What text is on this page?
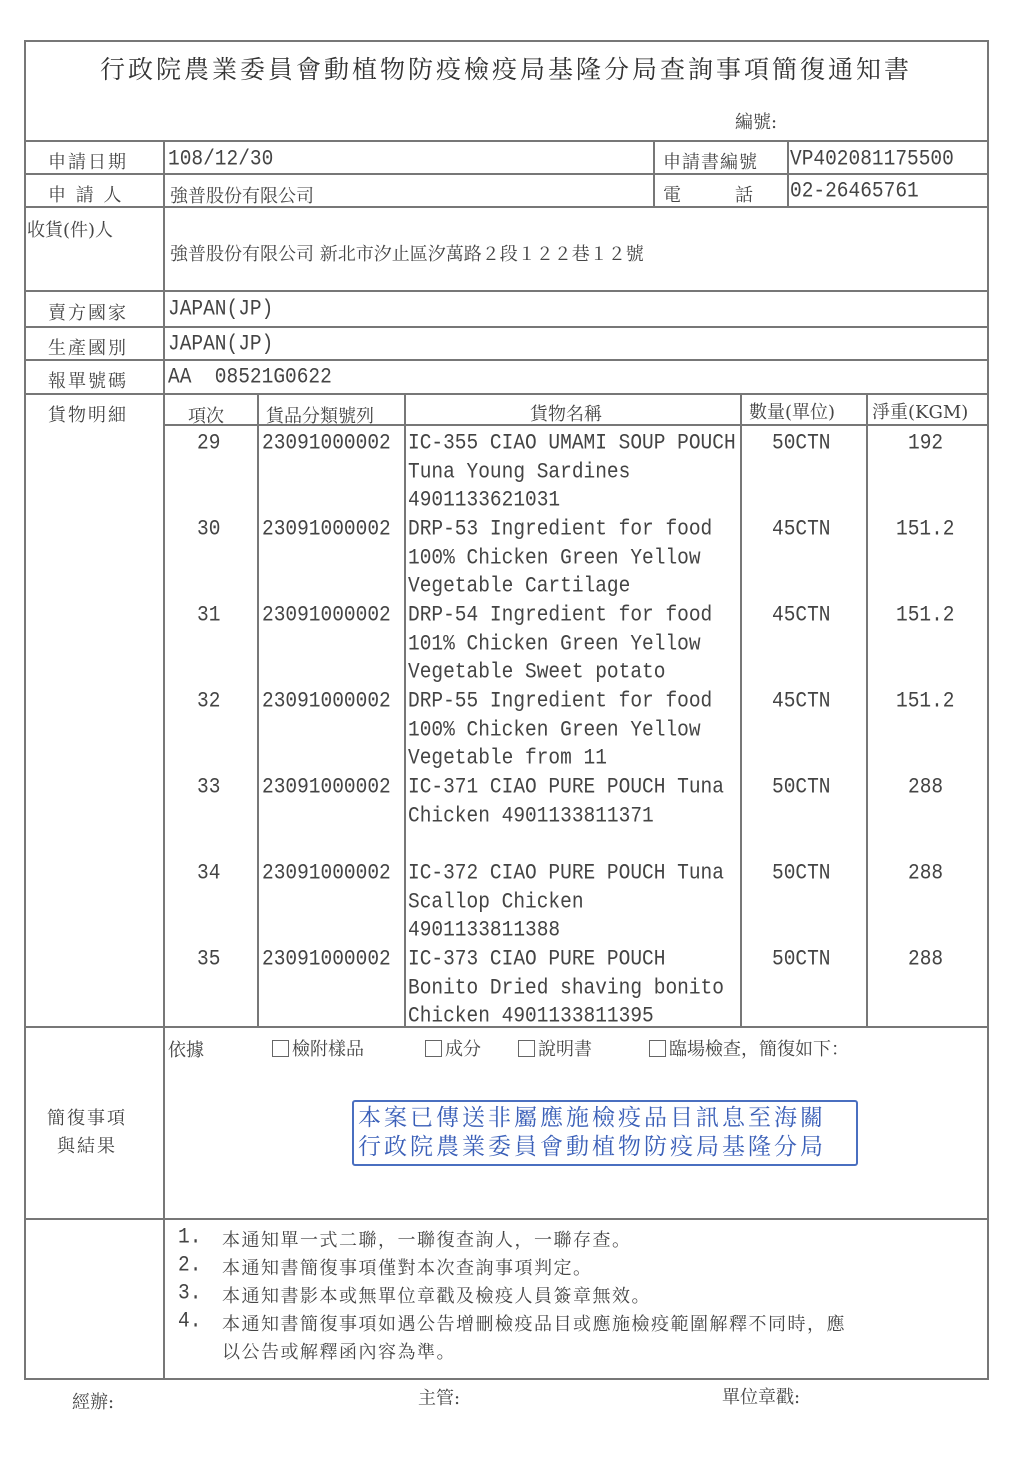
行政院農業委員會動植物防疫檢疫局基隆分局查詢事項簡復通知書
編號:
申請日期 108/12/30	申請書編號 VP402081175500
申 請 人	強普股份有限公司	電　　　話 02-26465761
收貨(件)人
強普股份有限公司 新北市汐止區汐萬路２段１２２巷１２號
賣方國家 JAPAN(JP)
生產國別 JAPAN(JP)
報單號碼 AA  08521G0622
貨物明細	項次 貨品分類號列	貨物名稱	數量(單位) 淨重(KGM)
29 23091000002 IC-355 CIAO UMAMI SOUP POUCH
Tuna Young Sardines
4901133621031
50CTN	192
30 23091000002 DRP-53 Ingredient for food
100% Chicken Green Yellow
Vegetable Cartilage
45CTN	151.2
31 23091000002 DRP-54 Ingredient for food
101% Chicken Green Yellow
Vegetable Sweet potato
45CTN	151.2
32 23091000002 DRP-55 Ingredient for food
100% Chicken Green Yellow
Vegetable from 11
45CTN	151.2
33 23091000002 IC-371 CIAO PURE POUCH Tuna
Chicken 4901133811371
50CTN	288
34 23091000002 IC-372 CIAO PURE POUCH Tuna
Scallop Chicken
4901133811388
50CTN	288
35 23091000002 IC-373 CIAO PURE POUCH
Bonito Dried shaving bonito
Chicken 4901133811395
50CTN	288
簡復事項
與結果
依據	檢附樣品	成分	說明書	臨場檢查，簡復如下：
本案已傳送非屬應施檢疫品目訊息至海關
行政院農業委員會動植物防疫局基隆分局
1. 本通知單一式二聯，一聯復查詢人，一聯存查。
2. 本通知書簡復事項僅對本次查詢事項判定。
3. 本通知書影本或無單位章戳及檢疫人員簽章無效。
4. 本通知書簡復事項如遇公告增刪檢疫品目或應施檢疫範圍解釋不同時，應
以公告或解釋函內容為準。
經辦:	主管:	單位章戳:
